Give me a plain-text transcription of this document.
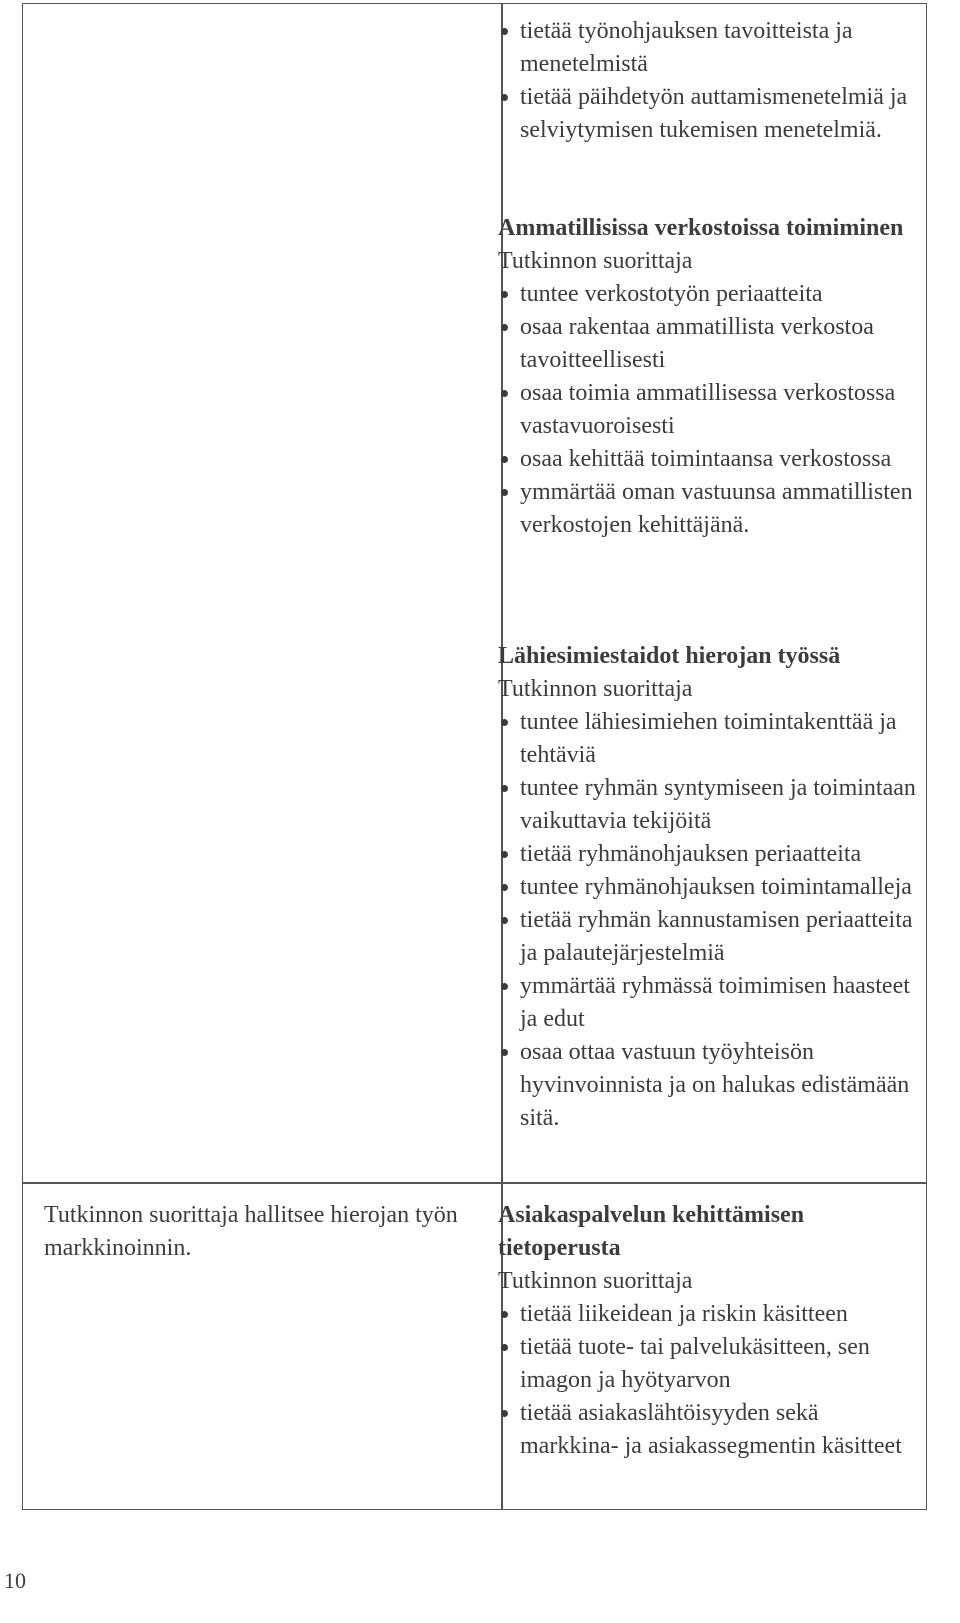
tietää työnohjauksen tavoitteista ja menetelmistä
tietää päihdetyön auttamismenetelmiä ja selviytymisen tukemisen menetelmiä.
Ammatillisissa verkostoissa toimiminen
Tutkinnon suorittaja
tuntee verkostotyön periaatteita
osaa rakentaa ammatillista verkostoa tavoitteellisesti
osaa toimia ammatillisessa verkostossa vastavuoroisesti
osaa kehittää toimintaansa verkostossa
ymmärtää oman vastuunsa ammatillisten verkostojen kehittäjänä.
Lähiesimiestaidot hierojan työssä
Tutkinnon suorittaja
tuntee lähiesimiehen toimintakenttää ja tehtäviä
tuntee ryhmän syntymiseen ja toimintaan vaikuttavia tekijöitä
tietää ryhmänohjauksen periaatteita
tuntee ryhmänohjauksen toimintamalleja
tietää ryhmän kannustamisen periaatteita ja palautejärjestelmiä
ymmärtää ryhmässä toimimisen haasteet ja edut
osaa ottaa vastuun työyhteisön hyvinvoinnista ja on halukas edistämään sitä.
Tutkinnon suorittaja hallitsee hierojan työn markkinoinnin.
Asiakaspalvelun kehittämisen tietoperusta
Tutkinnon suorittaja
tietää liikeidean ja riskin käsitteen
tietää tuote- tai palvelukäsitteen, sen imagon ja hyötyarvon
tietää asiakaslähtöisyyden sekä markkina- ja asiakassegmentin käsitteet
10
